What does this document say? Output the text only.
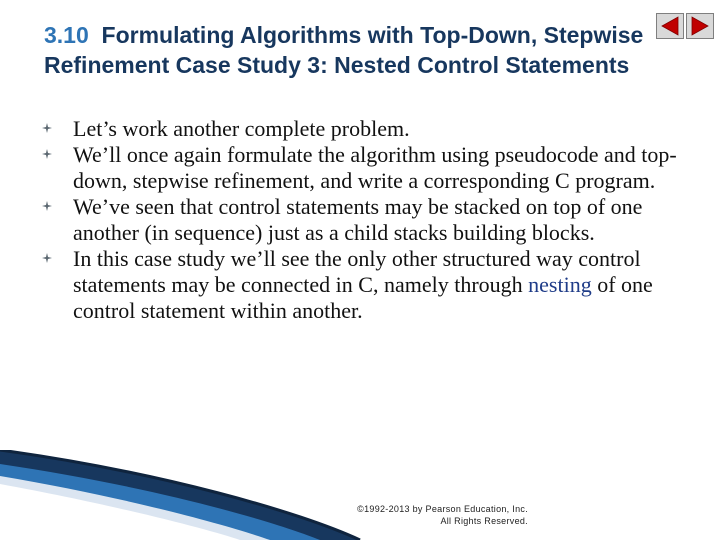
3.10 Formulating Algorithms with Top-Down, Stepwise Refinement Case Study 3: Nested Control Statements
Let’s work another complete problem.
We’ll once again formulate the algorithm using pseudocode and top-down, stepwise refinement, and write a corresponding C program.
We’ve seen that control statements may be stacked on top of one another (in sequence) just as a child stacks building blocks.
In this case study we’ll see the only other structured way control statements may be connected in C, namely through nesting of one control statement within another.
©1992-2013 by Pearson Education, Inc.
All Rights Reserved.
